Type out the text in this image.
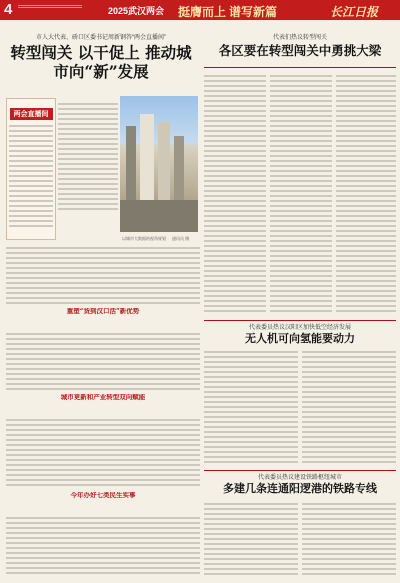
4	2025武汉两会 挺膺而上 谱写新篇	长江日报
市人大代表、硚口区委书记周新钢答“两会直播间”
转型闯关 以干促上 推动城市向“新”发展
两会直播间
以城市大数据的视角规划 通讯员 摄
重塑“货到汉口活”新优势
城市更新和产业转型双向赋能
今年办好七类民生实事
代表们热议转型闯关
各区要在转型闯关中勇挑大梁
代表委员热议汉阳区加快低空经济发展
无人机可向氢能要动力
代表委员热议建设铁路枢纽城市
多建几条连通阳逻港的铁路专线
